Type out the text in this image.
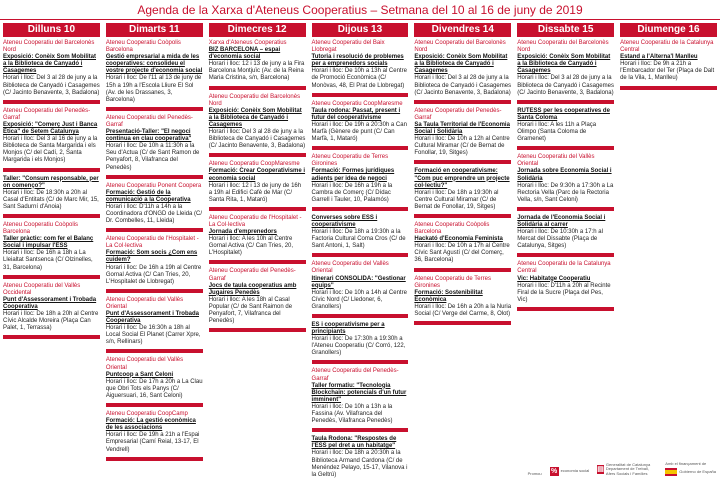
Agenda de la Xarxa d'Ateneus Cooperatius – Setmana del 10 al 16 de juny de 2019
Dilluns 10
Ateneu Cooperatiu del Barcelonès Nord
Exposició: Conèix Som Mobilitat a la Biblioteca de Canyadó i Casagemes
Horari i lloc: Del 3 al 28 de juny a la Biblioteca de Canyadó i Casagemes (C/ Jacinto Benavente, 3, Badalona)
Ateneu Cooperatiu del Penedès-Garraf
Exposició: "Comerç Just i Banca Ètica" de Setem Catalunya
Horari i lloc: Del 3 al 16 de juny a la Biblioteca de Santa Margarida i els Monjos (C/ del Cadí, 2, Santa Margarida i els Monjos)
Taller: "Consum responsable, per on començo?"
Horari i lloc: De 18:30h a 20h al Casal d'Entitats (C/ de Marc Mir, 15, Sant Sadurní d'Anoia)
Ateneu Cooperatiu Coòpolis Barcelona
Taller pràctic: com fer el Balanç Social i impulsar l'ESS
Horari i lloc: De 16h a 18h a La Lleialtat Santsenca (C/ Olzinelles, 31, Barcelona)
Ateneu Cooperatiu del Vallès Occidental
Punt d'Assessorament i Trobada Cooperativa
Horari i lloc: De 18h a 20h al Centre Cívic Alcalde Moreira (Plaça Can Palet, 1, Terrassa)
Dimarts 11
Ateneu Cooperatiu Coòpolis Barcelona
Gestió empresarial a mida de les cooperatives: consolideu el vostre projecte d'economia social
Horari i lloc: De l'11 al 13 de juny de 15h a 19h a l'Escola Lliure El Sol (Av. de les Drassanes, 3, Barcelona)
Ateneu Cooperatiu del Penedès-Garraf
Presentació-Taller: "El negoci continua en clau cooperativa"
Horari i lloc: De 10h a 11:30h a la Seu d'Actua (C/ de Sant Ramon de Penyafort, 8, Vilafranca del Penedès)
Ateneu Cooperatiu Ponent Coopera
Formació: Gestió de la comunicació a la Cooperativa
Horari i lloc: D'11h a 14h a la Coordinadora d'ONGD de Lleida (C/ Dr. Combelles, 11, Lleida)
Ateneu Cooperatiu de l'Hospitalet - La Col·lectiva
Formació: Som socis ¿Com ens cuidem?
Horari i lloc: De 16h a 19h al Centre Gornal Activa (C/ Can Tries, 20, L'Hospitalet de Llobregat)
Ateneu Cooperatiu del Vallès Oriental
Punt d'Assessorament i Trobada Cooperativa
Horari i lloc: De 16:30h a 18h al Local Social El Planet (Carrer Xpre, s/n, Rellinars)
Ateneu Cooperatiu del Vallès Oriental
Puntcoop a Sant Celoni
Horari i lloc: De 17h a 20h a La Clau que Obri Tots els Panys (C/ Aiguersuari, 16, Sant Celoni)
Ateneu Cooperatiu CoopCamp
Formació: La gestió econòmica de les associacions
Horari i lloc: De 19h a 21h a l'Espai Empresarial (Camí Reial, 13-17, El Vendrell)
Dimecres 12
Xarxa d'Ateneus Cooperatius
BIZ BARCELONA – espai d'economia social
Horari i lloc: 12 i 13 de juny a la Fira Barcelona Montjuïc (Av. de la Reina Maria Cristina, s/n, Barcelona)
Ateneu Cooperatiu del Barcelonès Nord
Exposició: Conèix Som Mobilitat a la Biblioteca de Canyadó i Casagemes
Horari i lloc: Del 3 al 28 de juny a la Biblioteca de Canyadó i Casagemes (C/ Jacinto Benavente, 3, Badalona)
Ateneu Cooperatiu CoopMaresme
Formació: Crear Cooperativisme i economia social
Horari i lloc: 12 i 13 de juny de 16h a 19h al Edifici Cafè de Mar (C/ Santa Rita, 1, Mataró)
Ateneu Cooperatiu de l'Hospitalet - La Col·lectiva
Jornada d'emprenedors
Horari i lloc: A les 10h al Centre Gornal Activa (C/ Can Tries, 20, L'Hospitalet)
Ateneu Cooperatiu del Penedès-Garraf
Jocs de taula cooperatius amb Jugaires Penedès
Horari i lloc: A les 18h al Casal Popular (C/ de Sant Raimon de Penyafort, 7, Vilafranca del Penedès)
Dijous 13
Ateneu Cooperatiu del Baix Llobregat
Tutoria i resolució de problemes per a emprenedors socials
Horari i lloc: De 10h a 13h al Centre de Promoció Econòmica (C/ Monòvas, 48, El Prat de Llobregat)
Ateneu Cooperatiu CoopMaresme
Taula rodona: Passat, present i futur del cooperativisme
Horari i lloc: De 19h a 20:30h a Can Marfà (Gènere de punt (C/ Can Marfà, 1, Mataró)
Ateneu Cooperatiu de Terres Gironines
Formació: Formes jurídiques adients per idea de negoci
Horari i lloc: De 16h a 19h a la Cambra de Comerç (C/ Dídac Garrell i Tauler, 10, Palamós)
Converses sobre ESS i cooperativisme
Horari i lloc: De 18h a 19:30h a la Factoria Cultural Coma Cros (C/ de Sant Antoni, 1, Salt)
Ateneu Cooperatiu del Vallès Oriental
Itinerari CONSOLIDA: "Gestionar equips"
Horari i lloc: De 10h a 14h al Centre Cívic Nord (C/ Lledoner, 6, Granollers)
ES i cooperativisme per a principiants
Horari i lloc: De 17:30h a 19:30h a l'Ateneu Cooperatiu (C/ Corró, 122, Granollers)
Ateneu Cooperatiu del Penedès-Garraf
Taller formatiu: "Tecnologia Blockchain: potencials d'un futur imminent"
Horari i lloc: De 10h a 13h a la Fassina (Av. Vilafranca del Penedès, Vilafranca Penedès)
Taula Rodona: "Respostes de l'ESS pel dret a un habitatge"
Horari i lloc: De 18h a 20:30h a la Biblioteca Armand Cardona (C/ de Menéndez Pelayo, 15-17, Vilanova i la Geltrú)
Divendres 14
Ateneu Cooperatiu del Barcelonès Nord
Exposició: Conèix Som Mobilitat a la Biblioteca de Canyadó i Casagemes
Horari i lloc: Del 3 al 28 de juny a la Biblioteca de Canyadó i Casagemes (C/ Jacinto Benavente, 3, Badalona)
Ateneu Cooperatiu del Penedès-Garraf
Sa Taula Territorial de l'Economia Social i Solidària
Horari i lloc: De 10h a 12h al Centre Cultural Miramar (C/ de Bernat de Fonollar, 19, Sitges)
Formació en cooperativisme: "Com puc emprendre un projecte col·lectiu?"
Horari i lloc: De 18h a 19:30h al Centre Cultural Miramar (C/ de Bernat de Fonollar, 19, Sitges)
Ateneu Cooperatiu Coòpolis Barcelona
Hackató d'Economia Feminista
Horari i lloc: De 10h a 17h al Centre Cívic Sant Agustí (C/ del Comerç, 36, Barcelona)
Ateneu Cooperatiu de Terres Gironines
Formació: Sostenibilitat Econòmica
Horari i lloc: De 16h a 20h a la Nuria Social (C/ Verge del Carme, 8, Olot)
Dissabte 15
Ateneu Cooperatiu del Barcelonès Nord
Exposició: Conèix Som Mobilitat a la Biblioteca de Canyadó i Casagemes
Horari i lloc: Del 3 al 28 de juny a la Biblioteca de Canyadó i Casagemes (C/ Jacinto Benavente, 3, Badalona)
RUTESS per les cooperatives de Santa Coloma
Horari i lloc: A les 11h a Plaça Olimpo (Santa Coloma de Gramenet)
Ateneu Cooperatiu del Vallès Oriental
Jornada sobre Economia Social i Solidària
Horari i lloc: De 9:30h a 17:30h a La Rectoria Vella (Parc de la Rectoria Vella, s/n, Sant Celoni)
Jornada de l'Economia Social i Solidària al carrer
Horari i lloc: De 10:30h a 17:h al Mercat del Dissabte (Plaça de Catalunya, Sitges)
Ateneu Cooperatiu de la Catalunya Central
Vic: Habitatge Cooperatiu
Horari i lloc: D'11h a 20h al Recinte Firal de la Sucre (Plaça del Pes, Vic)
Diumenge 16
Ateneu Cooperatiu de la Catalunya Central
Estand a l'Alterna'l Manlleu
Horari i lloc: De 9h a 21h a l'Embarcador del Ter (Plaça de Dalt de la Vila, 1, Manlleu)
Promou % economia social ▤
Generalitat de Catalunya Departament de Treball, Afers Socials i Famílies
Amb el finançament de
Gobierno de España
